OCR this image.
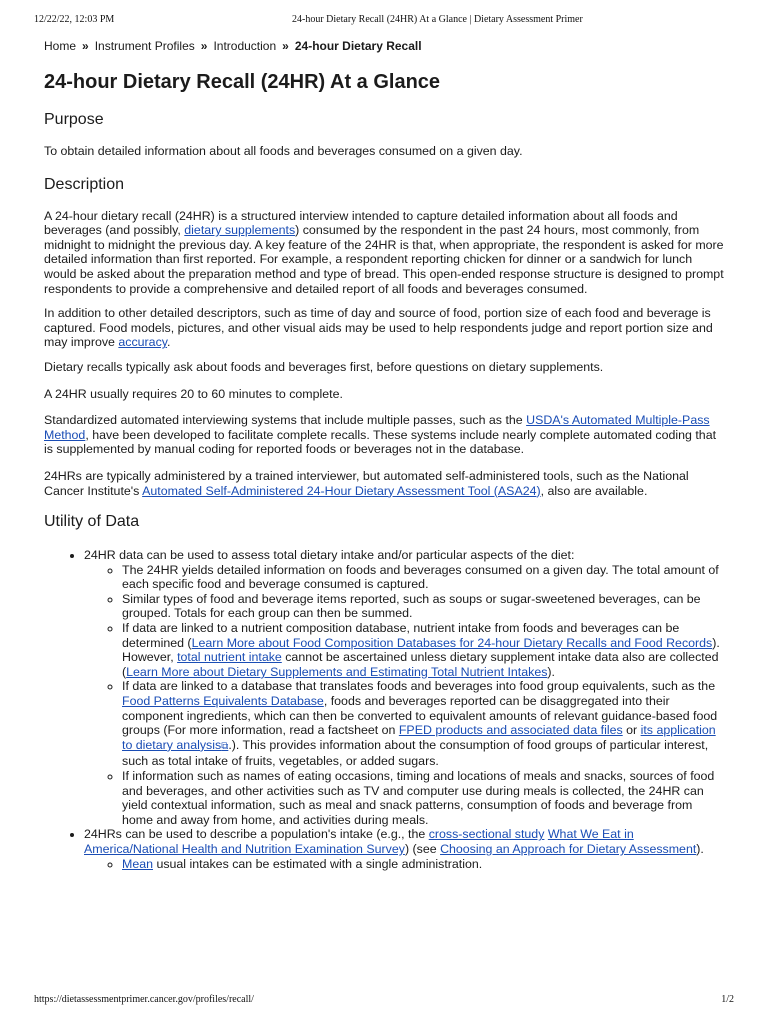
12/22/22, 12:03 PM	24-hour Dietary Recall (24HR) At a Glance | Dietary Assessment Primer
Home » Instrument Profiles » Introduction » 24-hour Dietary Recall
24-hour Dietary Recall (24HR) At a Glance
Purpose

To obtain detailed information about all foods and beverages consumed on a given day.

Description

A 24-hour dietary recall (24HR) is a structured interview intended to capture detailed information about all foods and beverages (and possibly, dietary supplements) consumed by the respondent in the past 24 hours, most commonly, from midnight to midnight the previous day. A key feature of the 24HR is that, when appropriate, the respondent is asked for more detailed information than first reported. For example, a respondent reporting chicken for dinner or a sandwich for lunch would be asked about the preparation method and type of bread. This open-ended response structure is designed to prompt respondents to provide a comprehensive and detailed report of all foods and beverages consumed.

In addition to other detailed descriptors, such as time of day and source of food, portion size of each food and beverage is captured. Food models, pictures, and other visual aids may be used to help respondents judge and report portion size and may improve accuracy.

Dietary recalls typically ask about foods and beverages first, before questions on dietary supplements.

A 24HR usually requires 20 to 60 minutes to complete.

Standardized automated interviewing systems that include multiple passes, such as the USDA's Automated Multiple-Pass Method, have been developed to facilitate complete recalls. These systems include nearly complete automated coding that is supplemented by manual coding for reported foods or beverages not in the database.

24HRs are typically administered by a trained interviewer, but automated self-administered tools, such as the National Cancer Institute's Automated Self-Administered 24-Hour Dietary Assessment Tool (ASA24), also are available.

Utility of Data
• 24HR data can be used to assess total dietary intake and/or particular aspects of the diet:
◦ The 24HR yields detailed information on foods and beverages consumed on a given day. The total amount of each specific food and beverage consumed is captured.
◦ Similar types of food and beverage items reported, such as soups or sugar-sweetened beverages, can be grouped. Totals for each group can then be summed.
◦ If data are linked to a nutrient composition database, nutrient intake from foods and beverages can be determined (Learn More about Food Composition Databases for 24-hour Dietary Recalls and Food Records). However, total nutrient intake cannot be ascertained unless dietary supplement intake data also are collected (Learn More about Dietary Supplements and Estimating Total Nutrient Intakes).
◦ If data are linked to a database that translates foods and beverages into food group equivalents, such as the Food Patterns Equivalents Database, foods and beverages reported can be disaggregated into their component ingredients, which can then be converted to equivalent amounts of relevant guidance-based food groups (For more information, read a factsheet on FPED products and associated data files or its application to dietary analysis⧉.). This provides information about the consumption of food groups of particular interest, such as total intake of fruits, vegetables, or added sugars.
◦ If information such as names of eating occasions, timing and locations of meals and snacks, sources of food and beverages, and other activities such as TV and computer use during meals is collected, the 24HR can yield contextual information, such as meal and snack patterns, consumption of foods and beverage from home and away from home, and activities during meals.
• 24HRs can be used to describe a population's intake (e.g., the cross-sectional study What We Eat in America/National Health and Nutrition Examination Survey) (see Choosing an Approach for Dietary Assessment).
◦ Mean usual intakes can be estimated with a single administration.
https://dietassessmentprimer.cancer.gov/profiles/recall/	1/2
